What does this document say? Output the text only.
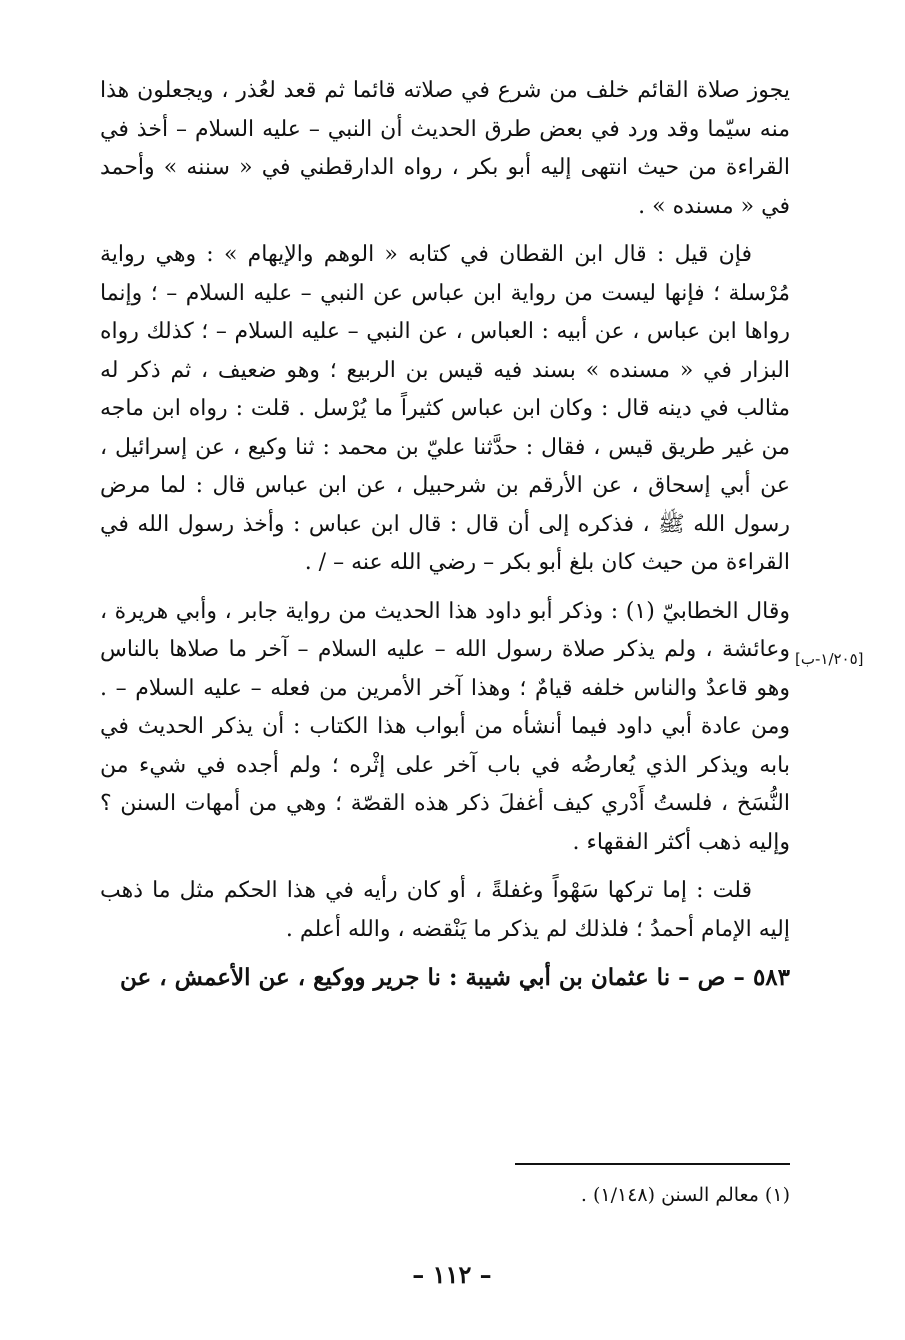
يجوز صلاة القائم خلف من شرع في صلاته قائما ثم قعد لعُذر ، ويجعلون هذا منه سيّما وقد ورد في بعض طرق الحديث أن النبي – عليه السلام – أخذ في القراءة من حيث انتهى إليه أبو بكر ، رواه الدارقطني في « سننه » وأحمد في « مسنده » .

فإن قيل : قال ابن القطان في كتابه « الوهم والإيهام » : وهي رواية مُرْسلة ؛ فإنها ليست من رواية ابن عباس عن النبي – عليه السلام – ؛ وإنما رواها ابن عباس ، عن أبيه : العباس ، عن النبي – عليه السلام – ؛ كذلك رواه البزار في « مسنده » بسند فيه قيس بن الربيع ؛ وهو ضعيف ، ثم ذكر له مثالب في دينه قال : وكان ابن عباس كثيراً ما يُرْسل . قلت : رواه ابن ماجه من غير طريق قيس ، فقال : حدَّثنا عليّ بن محمد : ثنا وكيع ، عن إسرائيل ، عن أبي إسحاق ، عن الأرقم بن شرحبيل ، عن ابن عباس قال : لما مرض رسول الله ﷺ ، فذكره إلى أن قال : قال ابن عباس : وأخذ رسول الله في القراءة من حيث كان بلغ أبو بكر – رضي الله عنه – / .

وقال الخطابيّ (١) : وذكر أبو داود هذا الحديث من رواية جابر ، وأبي هريرة ، وعائشة ، ولم يذكر صلاة رسول الله – عليه السلام – آخر ما صلاها بالناس وهو قاعدٌ والناس خلفه قيامٌ ؛ وهذا آخر الأمرين من فعله – عليه السلام – . ومن عادة أبي داود فيما أنشأه من أبواب هذا الكتاب : أن يذكر الحديث في بابه ويذكر الذي يُعارضُه في باب آخر على إثْره ؛ ولم أجده في شيء من النُّسَخ ، فلستُ أَدْري كيف أغفلَ ذكر هذه القصّة ؛ وهي من أمهات السنن ؟ وإليه ذهب أكثر الفقهاء .

قلت : إما تركها سَهْواً وغفلةً ، أو كان رأيه في هذا الحكم مثل ما ذهب إليه الإمام أحمدُ ؛ فلذلك لم يذكر ما يَنْقضه ، والله أعلم .

٥٨٣ – ص – نا عثمان بن أبي شيبة : نا جرير ووكيع ، عن الأعمش ، عن

[١/٢٠٥-ب]
(١) معالم السنن (١/١٤٨) .
– ١١٢ –
